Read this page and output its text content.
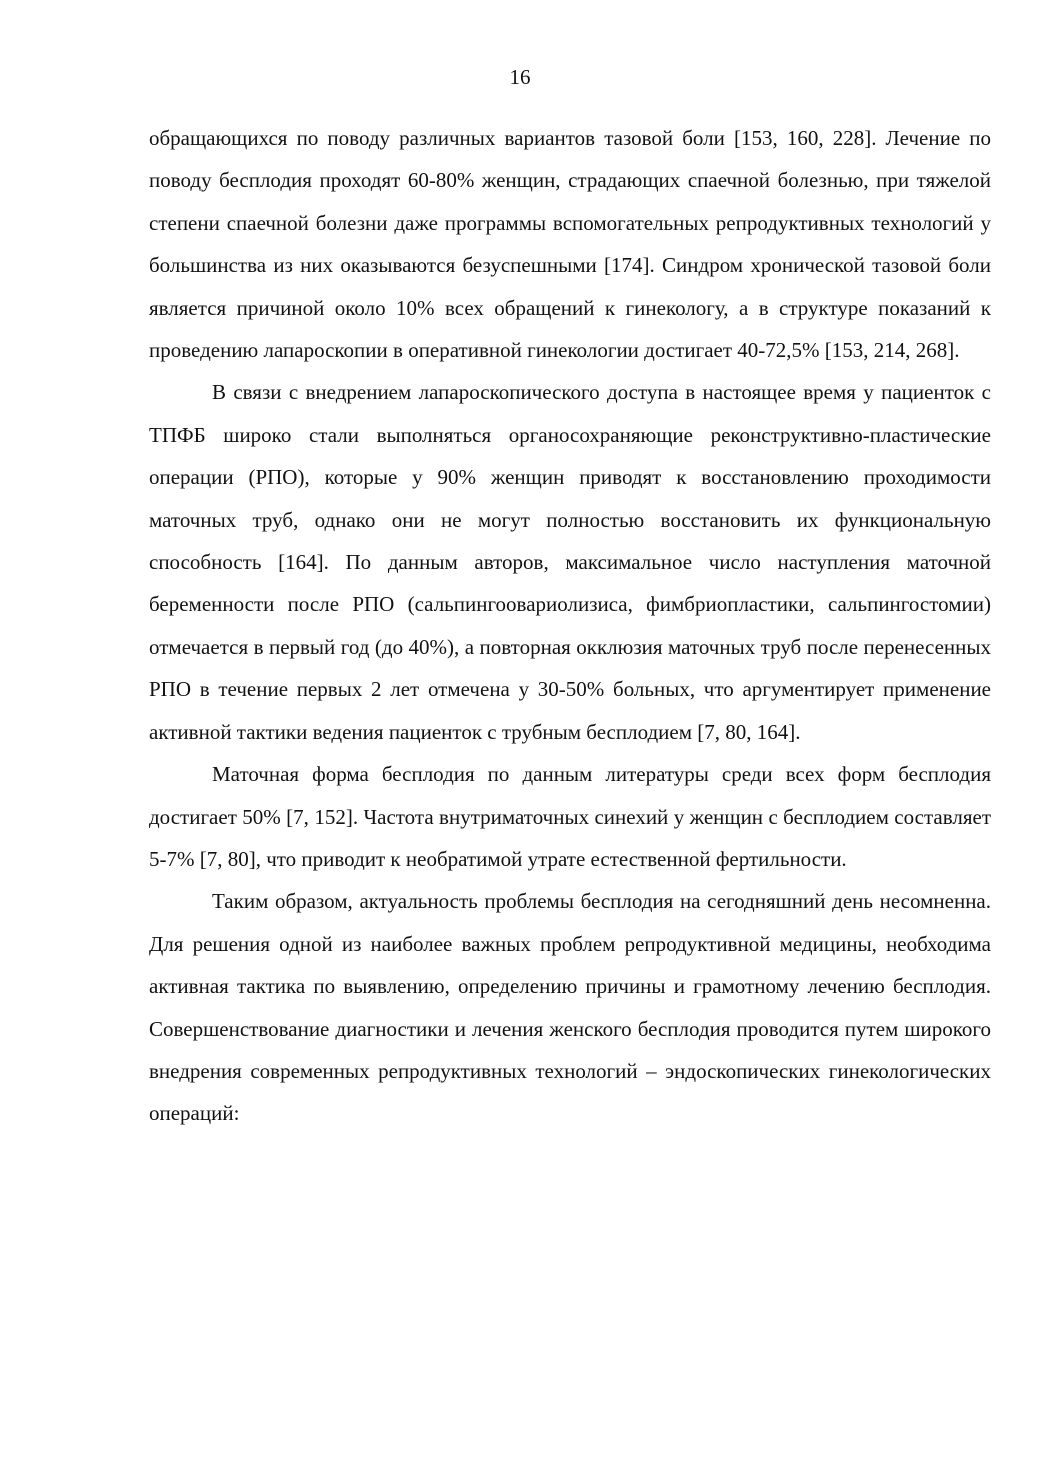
16

обращающихся по поводу различных вариантов тазовой боли [153, 160, 228]. Лечение по поводу бесплодия проходят 60-80% женщин, страдающих спаечной болезнью, при тяжелой степени спаечной болезни даже программы вспомогательных репродуктивных технологий у большинства из них оказываются безуспешными [174]. Синдром хронической тазовой боли является причиной около 10% всех обращений к гинекологу, а в структуре показаний к проведению лапароскопии в оперативной гинекологии достигает 40-72,5% [153, 214, 268].

В связи с внедрением лапароскопического доступа в настоящее время у пациенток с ТПФБ широко стали выполняться органосохраняющие реконструктивно-пластические операции (РПО), которые у 90% женщин приводят к восстановлению проходимости маточных труб, однако они не могут полностью восстановить их функциональную способность [164]. По данным авторов, максимальное число наступления маточной беременности после РПО (сальпингоовариолизиса, фимбриопластики, сальпингостомии) отмечается в первый год (до 40%), а повторная окклюзия маточных труб после перенесенных РПО в течение первых 2 лет отмечена у 30-50% больных, что аргументирует применение активной тактики ведения пациенток с трубным бесплодием [7, 80, 164].

Маточная форма бесплодия по данным литературы среди всех форм бесплодия достигает 50% [7, 152]. Частота внутриматочных синехий у женщин с бесплодием составляет 5-7% [7, 80], что приводит к необратимой утрате естественной фертильности.

Таким образом, актуальность проблемы бесплодия на сегодняшний день несомненна. Для решения одной из наиболее важных проблем репродуктивной медицины, необходима активная тактика по выявлению, определению причины и грамотному лечению бесплодия. Совершенствование диагностики и лечения женского бесплодия проводится путем широкого внедрения современных репродуктивных технологий – эндоскопических гинекологических операций:
